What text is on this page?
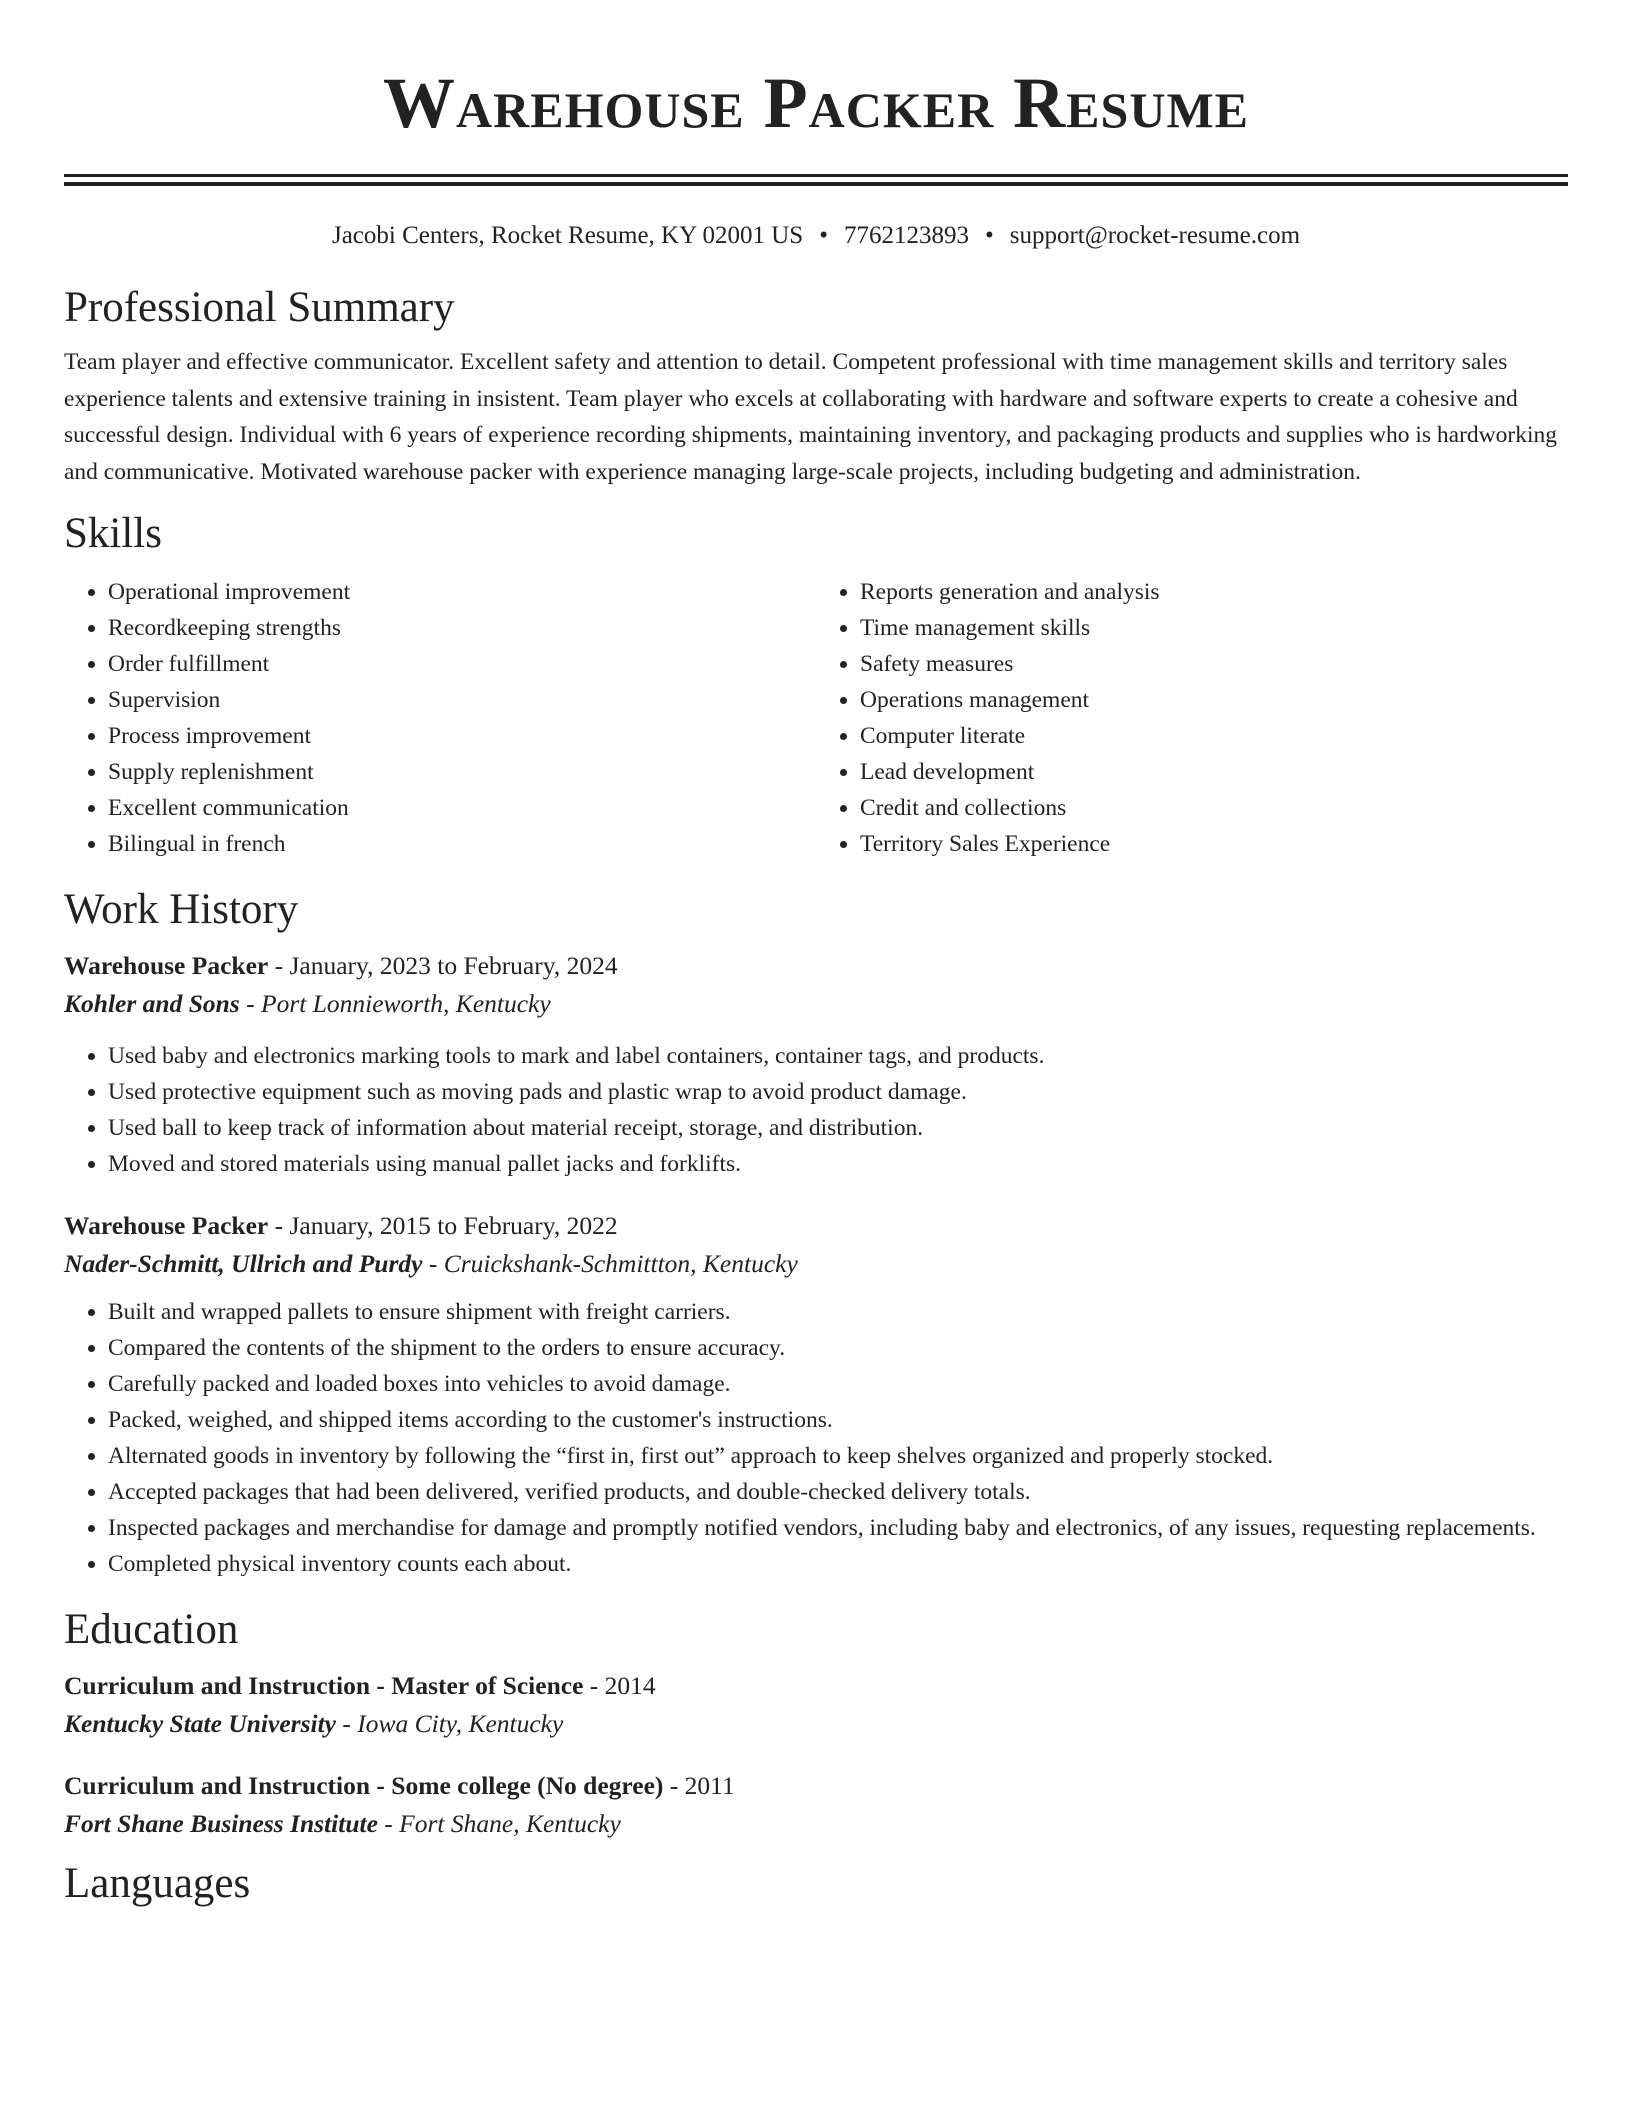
Warehouse Packer Resume
Jacobi Centers, Rocket Resume, KY 02001 US • 7762123893 • support@rocket-resume.com
Professional Summary

Team player and effective communicator. Excellent safety and attention to detail. Competent professional with time management skills and territory sales experience talents and extensive training in insistent. Team player who excels at collaborating with hardware and software experts to create a cohesive and successful design. Individual with 6 years of experience recording shipments, maintaining inventory, and packaging products and supplies who is hardworking and communicative. Motivated warehouse packer with experience managing large-scale projects, including budgeting and administration.

Skills
• Operational improvement
• Recordkeeping strengths
• Order fulfillment
• Supervision
• Process improvement
• Supply replenishment
• Excellent communication
• Bilingual in french
• Reports generation and analysis
• Time management skills
• Safety measures
• Operations management
• Computer literate
• Lead development
• Credit and collections
• Territory Sales Experience
Work History
Warehouse Packer - January, 2023 to February, 2024
Kohler and Sons - Port Lonnieworth, Kentucky
• Used baby and electronics marking tools to mark and label containers, container tags, and products.
• Used protective equipment such as moving pads and plastic wrap to avoid product damage.
• Used ball to keep track of information about material receipt, storage, and distribution.
• Moved and stored materials using manual pallet jacks and forklifts.
Warehouse Packer - January, 2015 to February, 2022
Nader-Schmitt, Ullrich and Purdy - Cruickshank-Schmittton, Kentucky
• Built and wrapped pallets to ensure shipment with freight carriers.
• Compared the contents of the shipment to the orders to ensure accuracy.
• Carefully packed and loaded boxes into vehicles to avoid damage.
• Packed, weighed, and shipped items according to the customer's instructions.
• Alternated goods in inventory by following the “first in, first out” approach to keep shelves organized and properly stocked.
• Accepted packages that had been delivered, verified products, and double-checked delivery totals.
• Inspected packages and merchandise for damage and promptly notified vendors, including baby and electronics, of any issues, requesting replacements.
• Completed physical inventory counts each about.
Education
Curriculum and Instruction - Master of Science - 2014
Kentucky State University - Iowa City, Kentucky
Curriculum and Instruction - Some college (No degree) - 2011
Fort Shane Business Institute - Fort Shane, Kentucky
Languages
